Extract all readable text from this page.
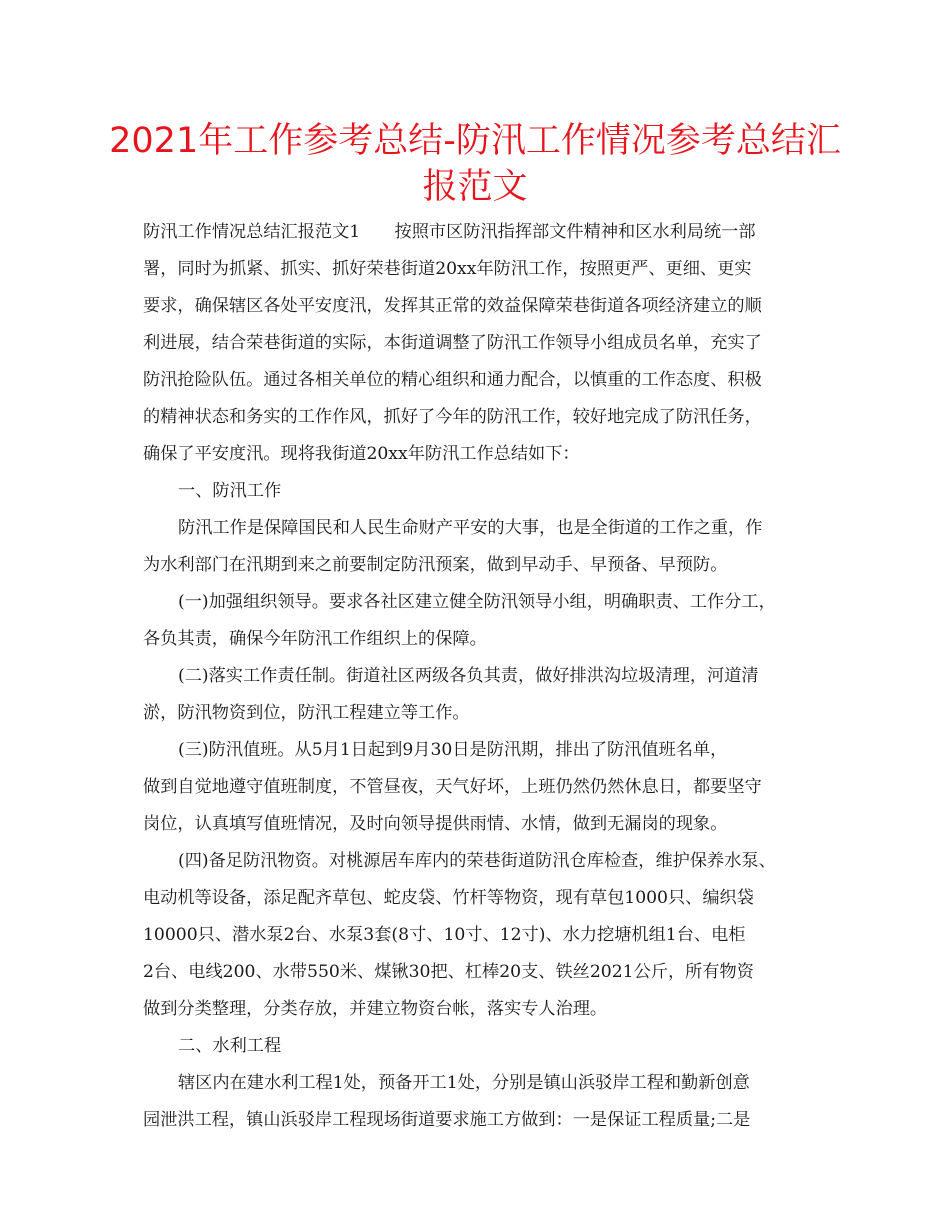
2021年工作参考总结-防汛工作情况参考总结汇
报范文
防汛工作情况总结汇报范文1　　按照市区防汛指挥部文件精神和区水利局统一部
署，同时为抓紧、抓实、抓好荣巷街道20xx年防汛工作，按照更严、更细、更实
要求，确保辖区各处平安度汛，发挥其正常的效益保障荣巷街道各项经济建立的顺
利进展，结合荣巷街道的实际，本街道调整了防汛工作领导小组成员名单，充实了
防汛抢险队伍。通过各相关单位的精心组织和通力配合，以慎重的工作态度、积极
的精神状态和务实的工作作风，抓好了今年的防汛工作，较好地完成了防汛任务，
确保了平安度汛。现将我街道20xx年防汛工作总结如下：
一、防汛工作
防汛工作是保障国民和人民生命财产平安的大事，也是全街道的工作之重，作
为水利部门在汛期到来之前要制定防汛预案，做到早动手、早预备、早预防。
(一)加强组织领导。要求各社区建立健全防汛领导小组，明确职责、工作分工，
各负其责，确保今年防汛工作组织上的保障。
(二)落实工作责任制。街道社区两级各负其责，做好排洪沟垃圾清理，河道清
淤，防汛物资到位，防汛工程建立等工作。
(三)防汛值班。从5月1日起到9月30日是防汛期，排出了防汛值班名单，
做到自觉地遵守值班制度，不管昼夜，天气好坏，上班仍然仍然休息日，都要坚守
岗位，认真填写值班情况，及时向领导提供雨情、水情，做到无漏岗的现象。
(四)备足防汛物资。对桃源居车库内的荣巷街道防汛仓库检查，维护保养水泵、
电动机等设备，添足配齐草包、蛇皮袋、竹杆等物资，现有草包1000只、编织袋
10000只、潜水泵2台、水泵3套(8寸、10寸、12寸)、水力挖塘机组1台、电柜
2台、电线200、水带550米、煤锹30把、杠棒20支、铁丝2021公斤，所有物资
做到分类整理，分类存放，并建立物资台帐，落实专人治理。
二、水利工程
辖区内在建水利工程1处，预备开工1处，分别是镇山浜驳岸工程和勤新创意
园泄洪工程，镇山浜驳岸工程现场街道要求施工方做到：一是保证工程质量;二是
